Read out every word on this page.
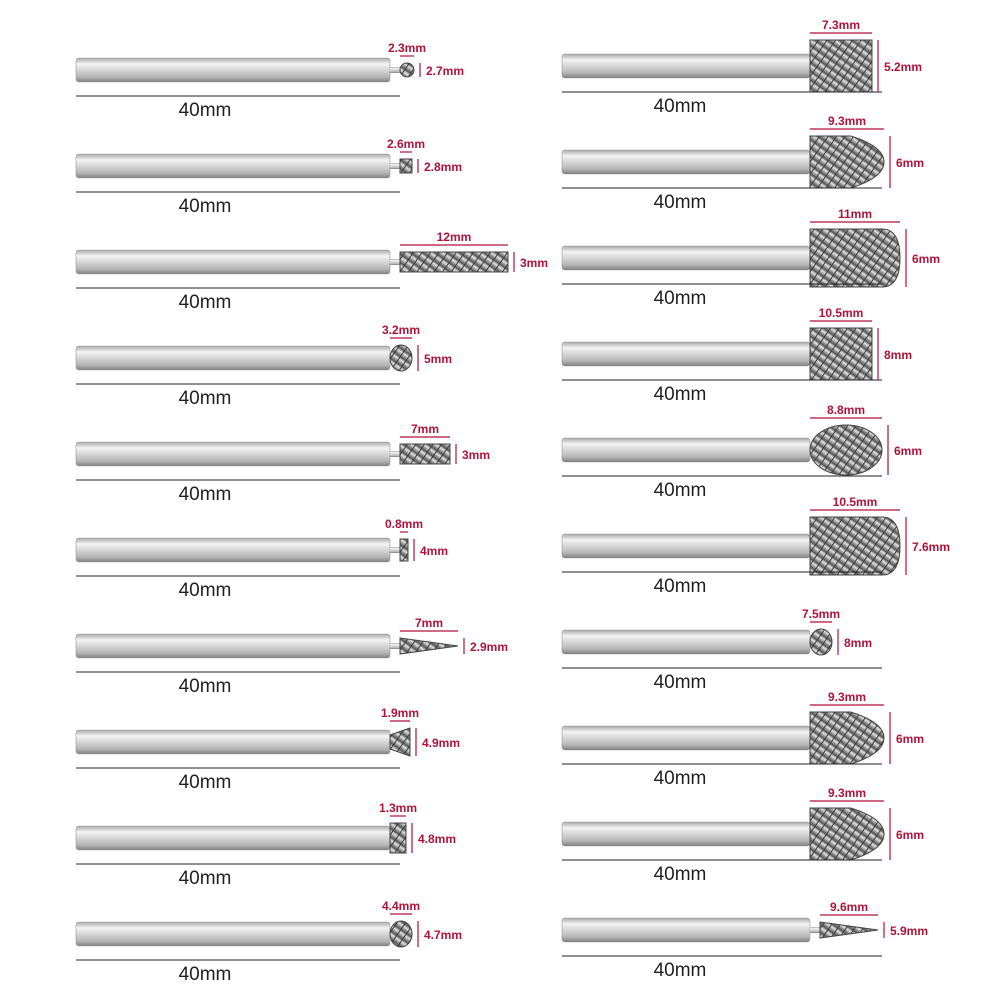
40mm
2.3mm
2.7mm
40mm
2.6mm
2.8mm
40mm
12mm
3mm
40mm
3.2mm
5mm
40mm
7mm
3mm
40mm
0.8mm
4mm
40mm
7mm
2.9mm
40mm
1.9mm
4.9mm
40mm
1.3mm
4.8mm
40mm
4.4mm
4.7mm
40mm
7.3mm
5.2mm
40mm
9.3mm
6mm
40mm
11mm
6mm
40mm
10.5mm
8mm
40mm
8.8mm
6mm
40mm
10.5mm
7.6mm
40mm
7.5mm
8mm
40mm
9.3mm
6mm
40mm
9.3mm
6mm
40mm
9.6mm
5.9mm
